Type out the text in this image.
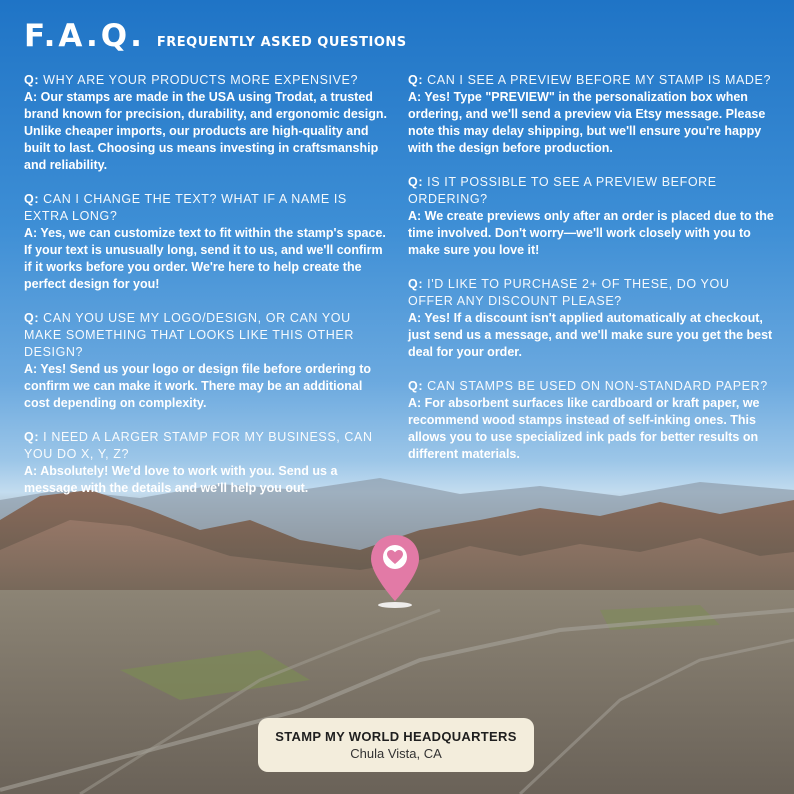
F.A.Q. FREQUENTLY ASKED QUESTIONS
Q: WHY ARE YOUR PRODUCTS MORE EXPENSIVE?
A: Our stamps are made in the USA using Trodat, a trusted brand known for precision, durability, and ergonomic design. Unlike cheaper imports, our products are high-quality and built to last. Choosing us means investing in craftsmanship and reliability.
Q: CAN I CHANGE THE TEXT? WHAT IF A NAME IS EXTRA LONG?
A: Yes, we can customize text to fit within the stamp's space. If your text is unusually long, send it to us, and we'll confirm if it works before you order. We're here to help create the perfect design for you!
Q: CAN YOU USE MY LOGO/DESIGN, OR CAN YOU MAKE SOMETHING THAT LOOKS LIKE THIS OTHER DESIGN?
A: Yes! Send us your logo or design file before ordering to confirm we can make it work. There may be an additional cost depending on complexity.
Q: I NEED A LARGER STAMP FOR MY BUSINESS, CAN YOU DO X, Y, Z?
A: Absolutely! We'd love to work with you. Send us a message with the details and we'll help you out.
Q: CAN I SEE A PREVIEW BEFORE MY STAMP IS MADE?
A: Yes! Type "PREVIEW" in the personalization box when ordering, and we'll send a preview via Etsy message. Please note this may delay shipping, but we'll ensure you're happy with the design before production.
Q: IS IT POSSIBLE TO SEE A PREVIEW BEFORE ORDERING?
A: We create previews only after an order is placed due to the time involved. Don't worry—we'll work closely with you to make sure you love it!
Q: I'D LIKE TO PURCHASE 2+ OF THESE, DO YOU OFFER ANY DISCOUNT PLEASE?
A: Yes! If a discount isn't applied automatically at checkout, just send us a message, and we'll make sure you get the best deal for your order.
Q: CAN STAMPS BE USED ON NON-STANDARD PAPER?
A: For absorbent surfaces like cardboard or kraft paper, we recommend wood stamps instead of self-inking ones. This allows you to use specialized ink pads for better results on different materials.
STAMP MY WORLD HEADQUARTERS
Chula Vista, CA
